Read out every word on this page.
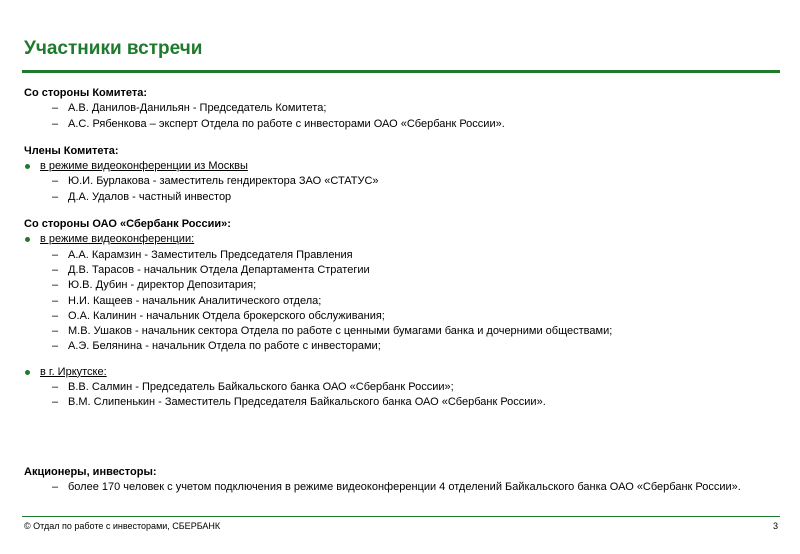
Участники встречи
Со стороны Комитета:
– А.В. Данилов-Данильян - Председатель Комитета;
– А.С. Рябенкова – эксперт Отдела по работе с инвесторами ОАО «Сбербанк России».
Члены Комитета:
в режиме видеоконференции из Москвы
– Ю.И. Бурлакова - заместитель гендиректора ЗАО «СТАТУС»
– Д.А. Удалов - частный инвестор
Со стороны ОАО «Сбербанк России»:
в режиме видеоконференции:
– А.А. Карамзин - Заместитель Председателя Правления
– Д.В. Тарасов - начальник Отдела Департамента Стратегии
– Ю.В. Дубин - директор Депозитария;
– Н.И. Кащеев - начальник Аналитического отдела;
– О.А. Калинин - начальник Отдела брокерского обслуживания;
– М.В. Ушаков - начальник сектора Отдела по работе с ценными бумагами банка и дочерними обществами;
– А.Э. Белянина - начальник Отдела по работе с инвесторами;
в г. Иркутске:
– В.В. Салмин - Председатель Байкальского банка ОАО «Сбербанк России»;
– В.М. Слипенькин - Заместитель Председателя Байкальского банка ОАО «Сбербанк России».
Акционеры, инвесторы:
– более 170 человек с учетом подключения в режиме видеоконференции 4 отделений Байкальского банка ОАО «Сбербанк России».
© Отдал по работе с инвесторами, СБЕРБАНК	3
